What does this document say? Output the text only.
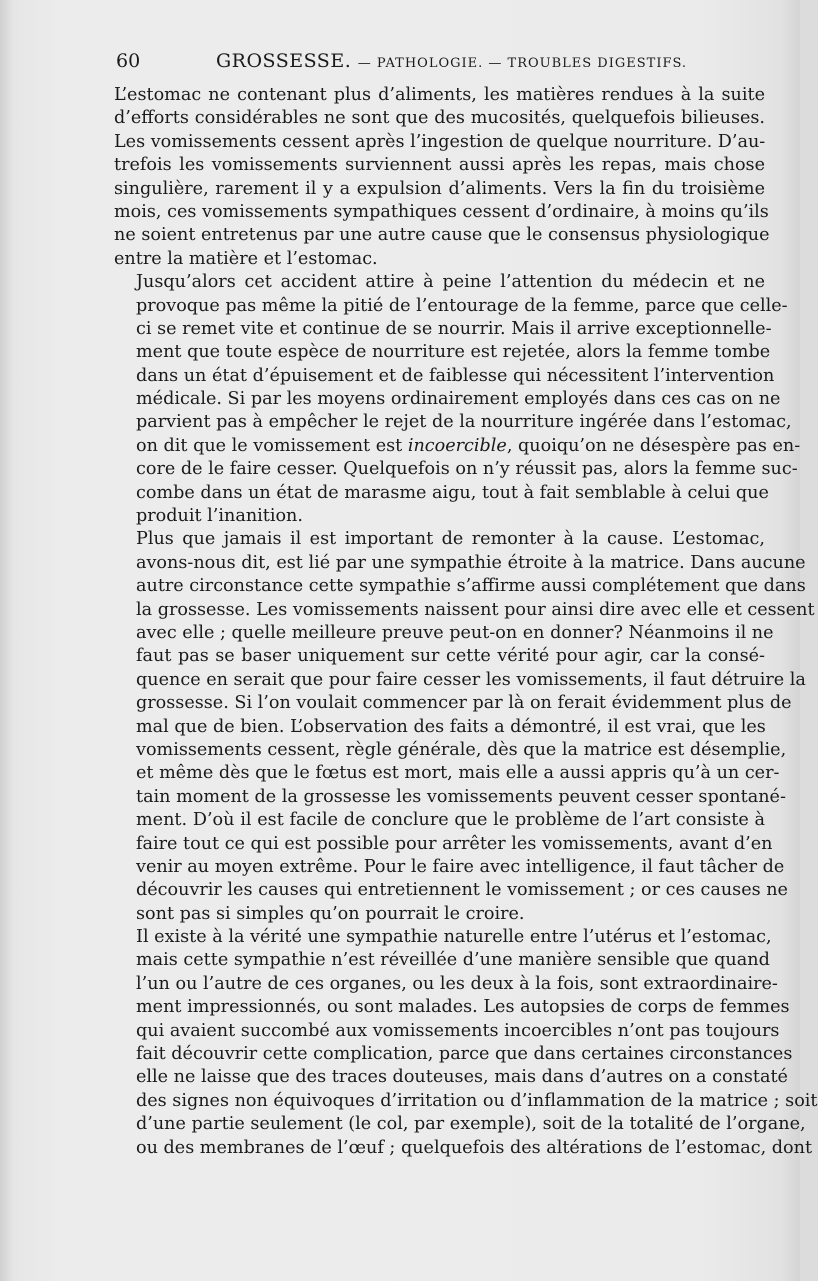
60	GROSSESSE. — PATHOLOGIE. — TROUBLES DIGESTIFS.

L’estomac ne contenant plus d’aliments, les matières rendues à la suite
d’efforts considérables ne sont que des mucosités, quelquefois bilieuses.
Les vomissements cessent après l’ingestion de quelque nourriture. D’au-
trefois les vomissements surviennent aussi après les repas, mais chose
singulière, rarement il y a expulsion d’aliments. Vers la fin du troisième
mois, ces vomissements sympathiques cessent d’ordinaire, à moins qu’ils
ne soient entretenus par une autre cause que le consensus physiologique
entre la matière et l’estomac.

Jusqu’alors cet accident attire à peine l’attention du médecin et ne
provoque pas même la pitié de l’entourage de la femme, parce que celle-
ci se remet vite et continue de se nourrir. Mais il arrive exceptionnelle-
ment que toute espèce de nourriture est rejetée, alors la femme tombe
dans un état d’épuisement et de faiblesse qui nécessitent l’intervention
médicale. Si par les moyens ordinairement employés dans ces cas on ne
parvient pas à empêcher le rejet de la nourriture ingérée dans l’estomac,
on dit que le vomissement est incoercible, quoiqu’on ne désespère pas en-
core de le faire cesser. Quelquefois on n’y réussit pas, alors la femme suc-
combe dans un état de marasme aigu, tout à fait semblable à celui que
produit l’inanition.

Plus que jamais il est important de remonter à la cause. L’estomac,
avons-nous dit, est lié par une sympathie étroite à la matrice. Dans aucune
autre circonstance cette sympathie s’affirme aussi complétement que dans
la grossesse. Les vomissements naissent pour ainsi dire avec elle et cessent
avec elle ; quelle meilleure preuve peut-on en donner? Néanmoins il ne
faut pas se baser uniquement sur cette vérité pour agir, car la consé-
quence en serait que pour faire cesser les vomissements, il faut détruire la
grossesse. Si l’on voulait commencer par là on ferait évidemment plus de
mal que de bien. L’observation des faits a démontré, il est vrai, que les
vomissements cessent, règle générale, dès que la matrice est désemplie,
et même dès que le fœtus est mort, mais elle a aussi appris qu’à un cer-
tain moment de la grossesse les vomissements peuvent cesser spontané-
ment. D’où il est facile de conclure que le problème de l’art consiste à
faire tout ce qui est possible pour arrêter les vomissements, avant d’en
venir au moyen extrême. Pour le faire avec intelligence, il faut tâcher de
découvrir les causes qui entretiennent le vomissement ; or ces causes ne
sont pas si simples qu’on pourrait le croire.

Il existe à la vérité une sympathie naturelle entre l’utérus et l’estomac,
mais cette sympathie n’est réveillée d’une manière sensible que quand
l’un ou l’autre de ces organes, ou les deux à la fois, sont extraordinaire-
ment impressionnés, ou sont malades. Les autopsies de corps de femmes
qui avaient succombé aux vomissements incoercibles n’ont pas toujours
fait découvrir cette complication, parce que dans certaines circonstances
elle ne laisse que des traces douteuses, mais dans d’autres on a constaté
des signes non équivoques d’irritation ou d’inflammation de la matrice ; soit
d’une partie seulement (le col, par exemple), soit de la totalité de l’organe,
ou des membranes de l’œuf ; quelquefois des altérations de l’estomac, dont
